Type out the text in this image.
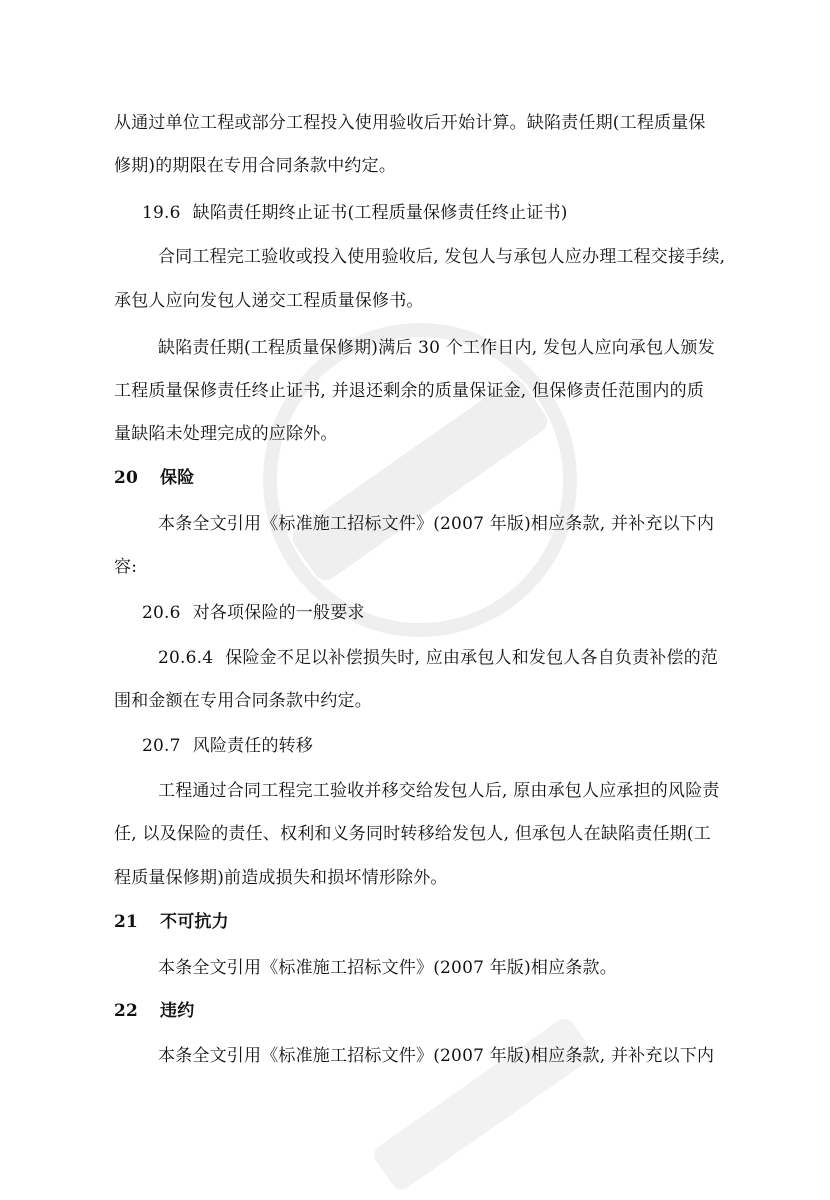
从通过单位工程或部分工程投入使用验收后开始计算。缺陷责任期(工程质量保
修期)的期限在专用合同条款中约定。
19.6 缺陷责任期终止证书(工程质量保修责任终止证书)
合同工程完工验收或投入使用验收后, 发包人与承包人应办理工程交接手续,
承包人应向发包人递交工程质量保修书。
缺陷责任期(工程质量保修期)满后 30 个工作日内, 发包人应向承包人颁发
工程质量保修责任终止证书, 并退还剩余的质量保证金, 但保修责任范围内的质
量缺陷未处理完成的应除外。
20 保险
本条全文引用《标准施工招标文件》(2007 年版)相应条款, 并补充以下内
容:
20.6 对各项保险的一般要求
20.6.4 保险金不足以补偿损失时, 应由承包人和发包人各自负责补偿的范
围和金额在专用合同条款中约定。
20.7 风险责任的转移
工程通过合同工程完工验收并移交给发包人后, 原由承包人应承担的风险责
任, 以及保险的责任、权利和义务同时转移给发包人, 但承包人在缺陷责任期(工
程质量保修期)前造成损失和损坏情形除外。
21 不可抗力
本条全文引用《标准施工招标文件》(2007 年版)相应条款。
22 违约
本条全文引用《标准施工招标文件》(2007 年版)相应条款, 并补充以下内
